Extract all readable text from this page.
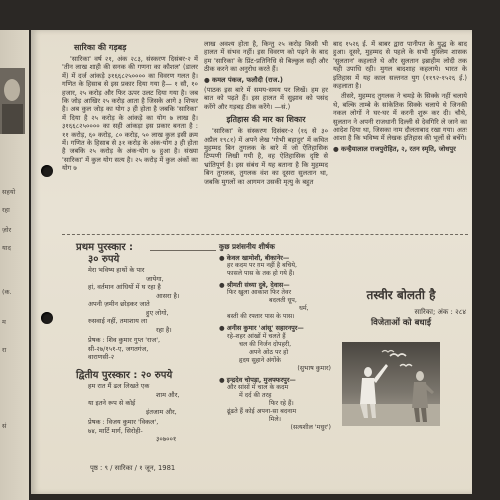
सहयो
रहा
ज़ोर
याद
(क.
म
रा
सं
सारिका की गड़बड़

'सारिका' वर्ष २१, अंक २८३, संस्करण दिसंबर-२ में 'तीन लाख शाही की सनक की गणना का कौशल' (डालर में) में दर्ज आंकड़े ३१६६८२५०००० का विवरण गलत है। गणित के हिसाब से इस प्रकार दिया गया है— १ सौ, १० हजार, २५ करोड़ और फिर ऊपर उलट दिया गया है। जब कि जोड़ आखिर २५ करोड़ आता है जिसके आगे ३ शिफर है। अब कुल जोड़ का योग ३ ही होता है जबकि 'सारिका' में दिया है २५ करोड़ के आंकड़े का योग ७ लाख है। ३१६६८२५०००० का सही आंकड़ा इस प्रकार बनता है : ११ करोड़, ६० करोड़, ८० करोड़, ५० लाख कुल इसी क्रम में। गणित के हिसाब से ३१ करोड़ के अंक-योग ३ ही होता है जबकि २५ करोड़ के अंक-योग ७ हुआ है। संख्या 'सारिका' में कुल योग सत्य है। २५ करोड़ में कुल अंकों का योग ७

लाख अवश्य होता है, किन्तु २५ करोड़ किसी भी हालत में संभव नहीं। इस विवरण को पढ़ने के बाद हम 'सारिका' के प्रिंट-प्रतिनिधि से बिल्कुल सही और ठीक करने का अनुरोध करते हैं।

● कमल पंकज, फलौदी (राज.)
(पाठक इस बारे में समय-समय पर लिखें। हम हर बात को पढ़ते हैं। इस हालत में सुझाव को पसंद करेंगे और गड़बड़ ठीक करेंगे। —सं.)
इतिहास की मार का शिकार

'सारिका' के संस्करण दिसंबर-२ (१६ से ३० अप्रैल १९८१) में अपने लेख 'गोभी बहादुर' में कथित मुहम्मद बिन तुगलक के बारे में जो ऐतिहासिक टिप्पणी लिखी गयी है, वह ऐतिहासिक दृष्टि से भ्रांतिपूर्ण है। इस संबंध में यह बताना है कि मुहम्मद बिन तुगलक, तुगलक वंश का दूसरा सुलतान था, जबकि मुगलों का आगमन उसकी मृत्यु के बहुत

बाद १५२६ ई. में बाबर द्वारा पानीपत के युद्ध के बाद हुआ। दूसरे, मुहम्मद से पहले के सभी मुस्लिम शासक 'सुलतान' कहलाते थे और सुलतान इब्राहीम लोदी तक यही उपाधि रही। मुगल बादशाह कहलाये। भारत के इतिहास में यह काल सल्तनत युग (११९२-१५२६ ई.) कहलाता है।

तीसरे, मुहम्मद तुगलक ने चमड़े के सिक्के नहीं चलाये थे, बल्कि ताम्बे के सांकेतिक सिक्के चलाये थे जिनकी नकल लोगों ने घर-घर में करनी शुरू कर दी। चौथे, सुलतान ने अपनी राजधानी दिल्ली से देवगिरि ले जाने का आदेश दिया था, जिसका नाम दौलताबाद रखा गया। अतः आशा है कि भविष्य में लेखक इतिहास की भूलों से बचेंगे।

● कन्हैयालाल राजपुरोहित, २, रतन स्मृति, जोधपुर
प्रथम पुरस्कार :
३० रुपये
मेरा भविष्य हाथों के पार
जायेगा,
हां, वर्तमान आंधियों में घ रहा है
आसरा है।
अपनी ज़मीन छोड़कर जाते
हुए लोगो,
रुसवाई नहीं, तमाशाय ला
रहा है।
प्रेषक : शिव कुमार गुप्त 'राज',
सी-२७/१५१-ए, जगतगंज,
वाराणसी-२
द्वितीय पुरस्कार : २० रुपये
हम रात मैं ढल लिखते एक
शाम और,
या इतने रूप से कोई
इंतजाम और,
प्रेषक : विजय कुमार 'विकल',
७४, मार्टि मार्ग, सिरोही-
३०७००१
कुछ प्रशंसनीय शीर्षक
● केवल खामोशी, बीकानेर—
हर कदम पर ग़म नहीं है बचिये,
फासले पास के तक हो गये हैं।
● श्रीमती संध्या दुबे, देवास—
फिर खुला आकाश फिर तेवर
बदलती धूप,
धर्म,
बस्ती की रफ्तार पास के पास।
● अनीस कुमार 'आंसू' सहारनपुर—
रहे-शहर आंखों में चलते हैं
चल की निर्जन दोपहरी,
अपने ओठ पर हो
हृदय सुहाने अंगोंके
(सुभाष कुमार)
● इन्द्रदेव चोपड़ा, मुजफ्फरपुर—
और सांसों में चाल के कदम
में दर्द की तरह
फिर रहे हैं।
ढूंढते हैं कोई अपना-सा बदनाम
मिले।
(सत्यशील 'मधुर')
तस्वीर बोलती है
सारिका; अंक : २८४
विजेताओं को बधाई
पृष्ठ : ९ / सारिका / १ जून, 1981
